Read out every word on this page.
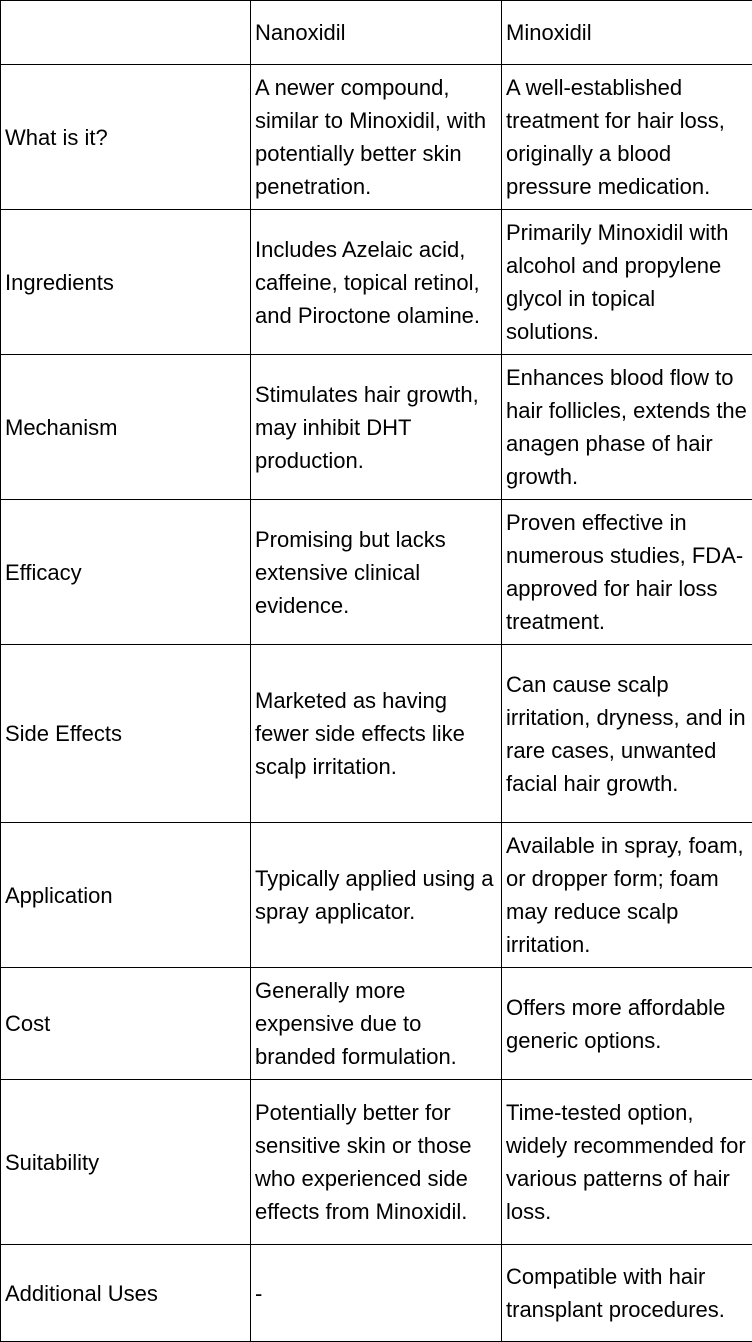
	Nanoxidil	Minoxidil
What is it?	A newer compound, similar to Minoxidil, with potentially better skin penetration.	A well-established treatment for hair loss, originally a blood pressure medication.
Ingredients	Includes Azelaic acid, caffeine, topical retinol, and Piroctone olamine.	Primarily Minoxidil with alcohol and propylene glycol in topical solutions.
Mechanism	Stimulates hair growth, may inhibit DHT production.	Enhances blood flow to hair follicles, extends the anagen phase of hair growth.
Efficacy	Promising but lacks extensive clinical evidence.	Proven effective in numerous studies, FDA-approved for hair loss treatment.
Side Effects	Marketed as having fewer side effects like scalp irritation.	Can cause scalp irritation, dryness, and in rare cases, unwanted facial hair growth.
Application	Typically applied using a spray applicator.	Available in spray, foam, or dropper form; foam may reduce scalp irritation.
Cost	Generally more expensive due to branded formulation.	Offers more affordable generic options.
Suitability	Potentially better for sensitive skin or those who experienced side effects from Minoxidil.	Time-tested option, widely recommended for various patterns of hair loss.
Additional Uses	-	Compatible with hair transplant procedures.
